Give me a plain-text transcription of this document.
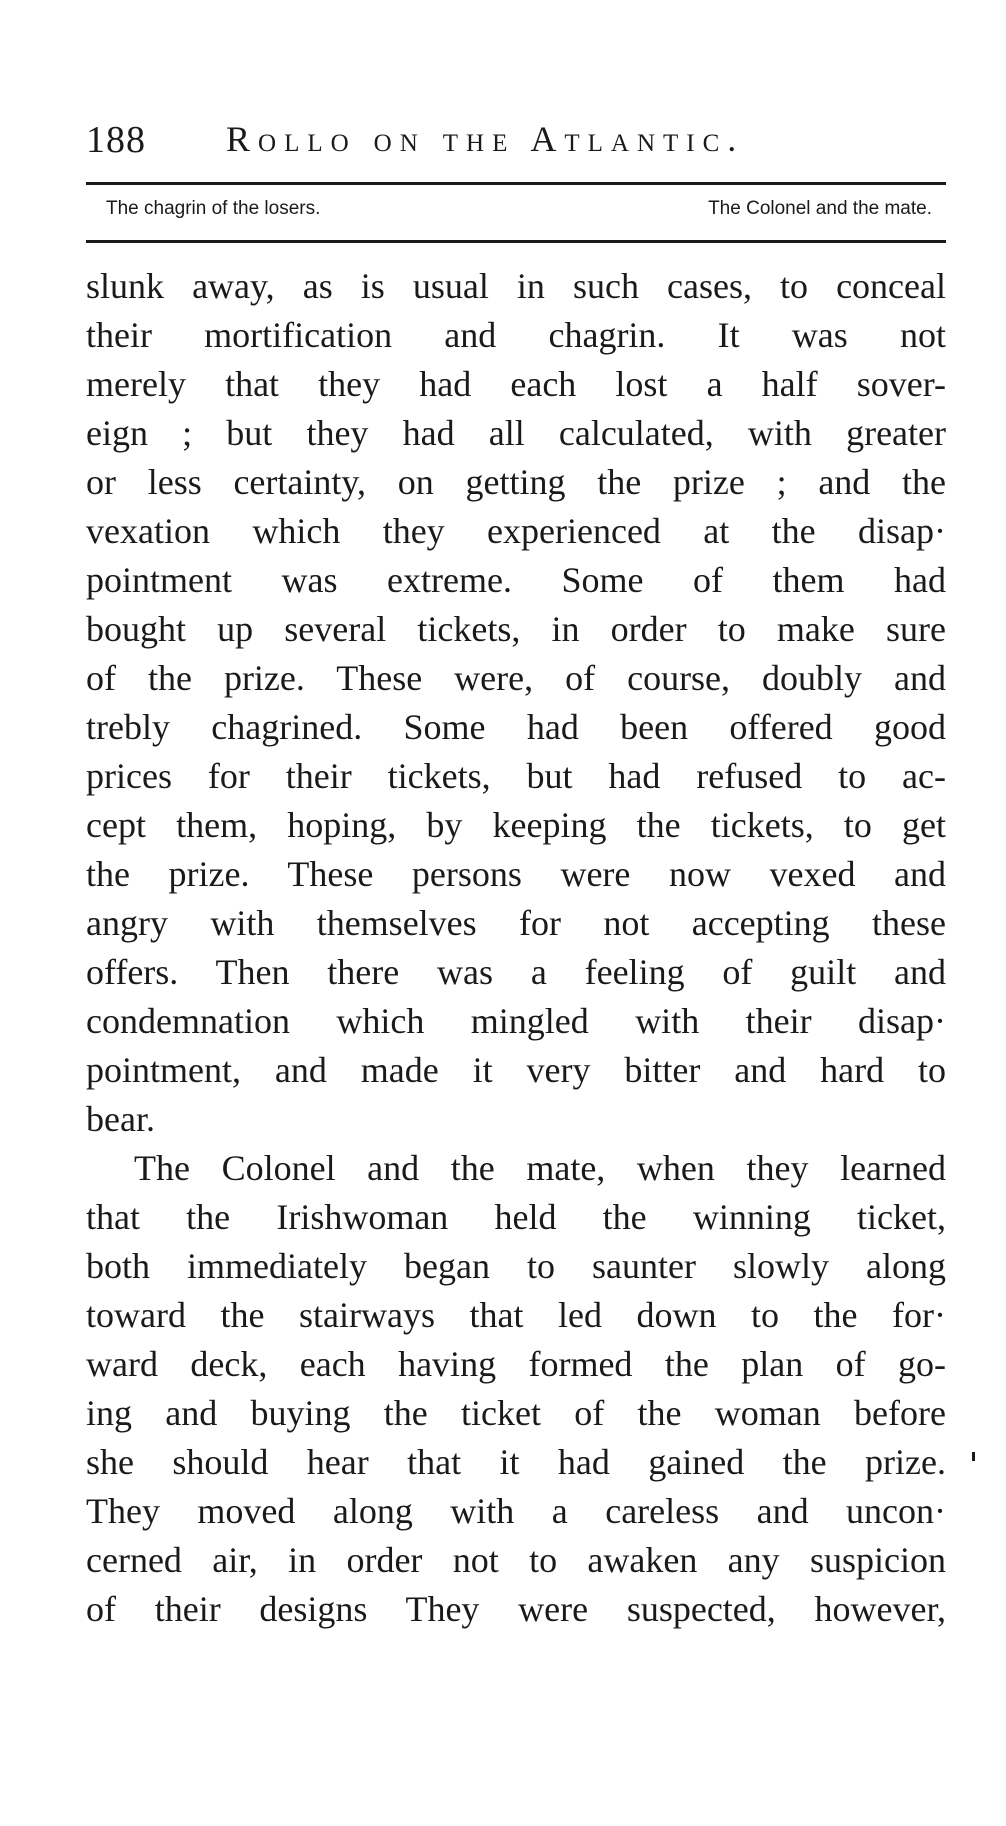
188 Rollo on the Atlantic.
The chagrin of the losers.	The Colonel and the mate.
slunk away, as is usual in such cases, to conceal
their mortification and chagrin. It was not
merely that they had each lost a half sover-
eign ; but they had all calculated, with greater
or less certainty, on getting the prize ; and the
vexation which they experienced at the disap·
pointment was extreme. Some of them had
bought up several tickets, in order to make sure
of the prize. These were, of course, doubly and
trebly chagrined. Some had been offered good
prices for their tickets, but had refused to ac-
cept them, hoping, by keeping the tickets, to get
the prize. These persons were now vexed and
angry with themselves for not accepting these
offers. Then there was a feeling of guilt and
condemnation which mingled with their disap·
pointment, and made it very bitter and hard to
bear.
The Colonel and the mate, when they learned
that the Irishwoman held the winning ticket,
both immediately began to saunter slowly along
toward the stairways that led down to the for·
ward deck, each having formed the plan of go-
ing and buying the ticket of the woman before
she should hear that it had gained the prize.
They moved along with a careless and uncon·
cerned air, in order not to awaken any suspicion
of their designs They were suspected, however,
